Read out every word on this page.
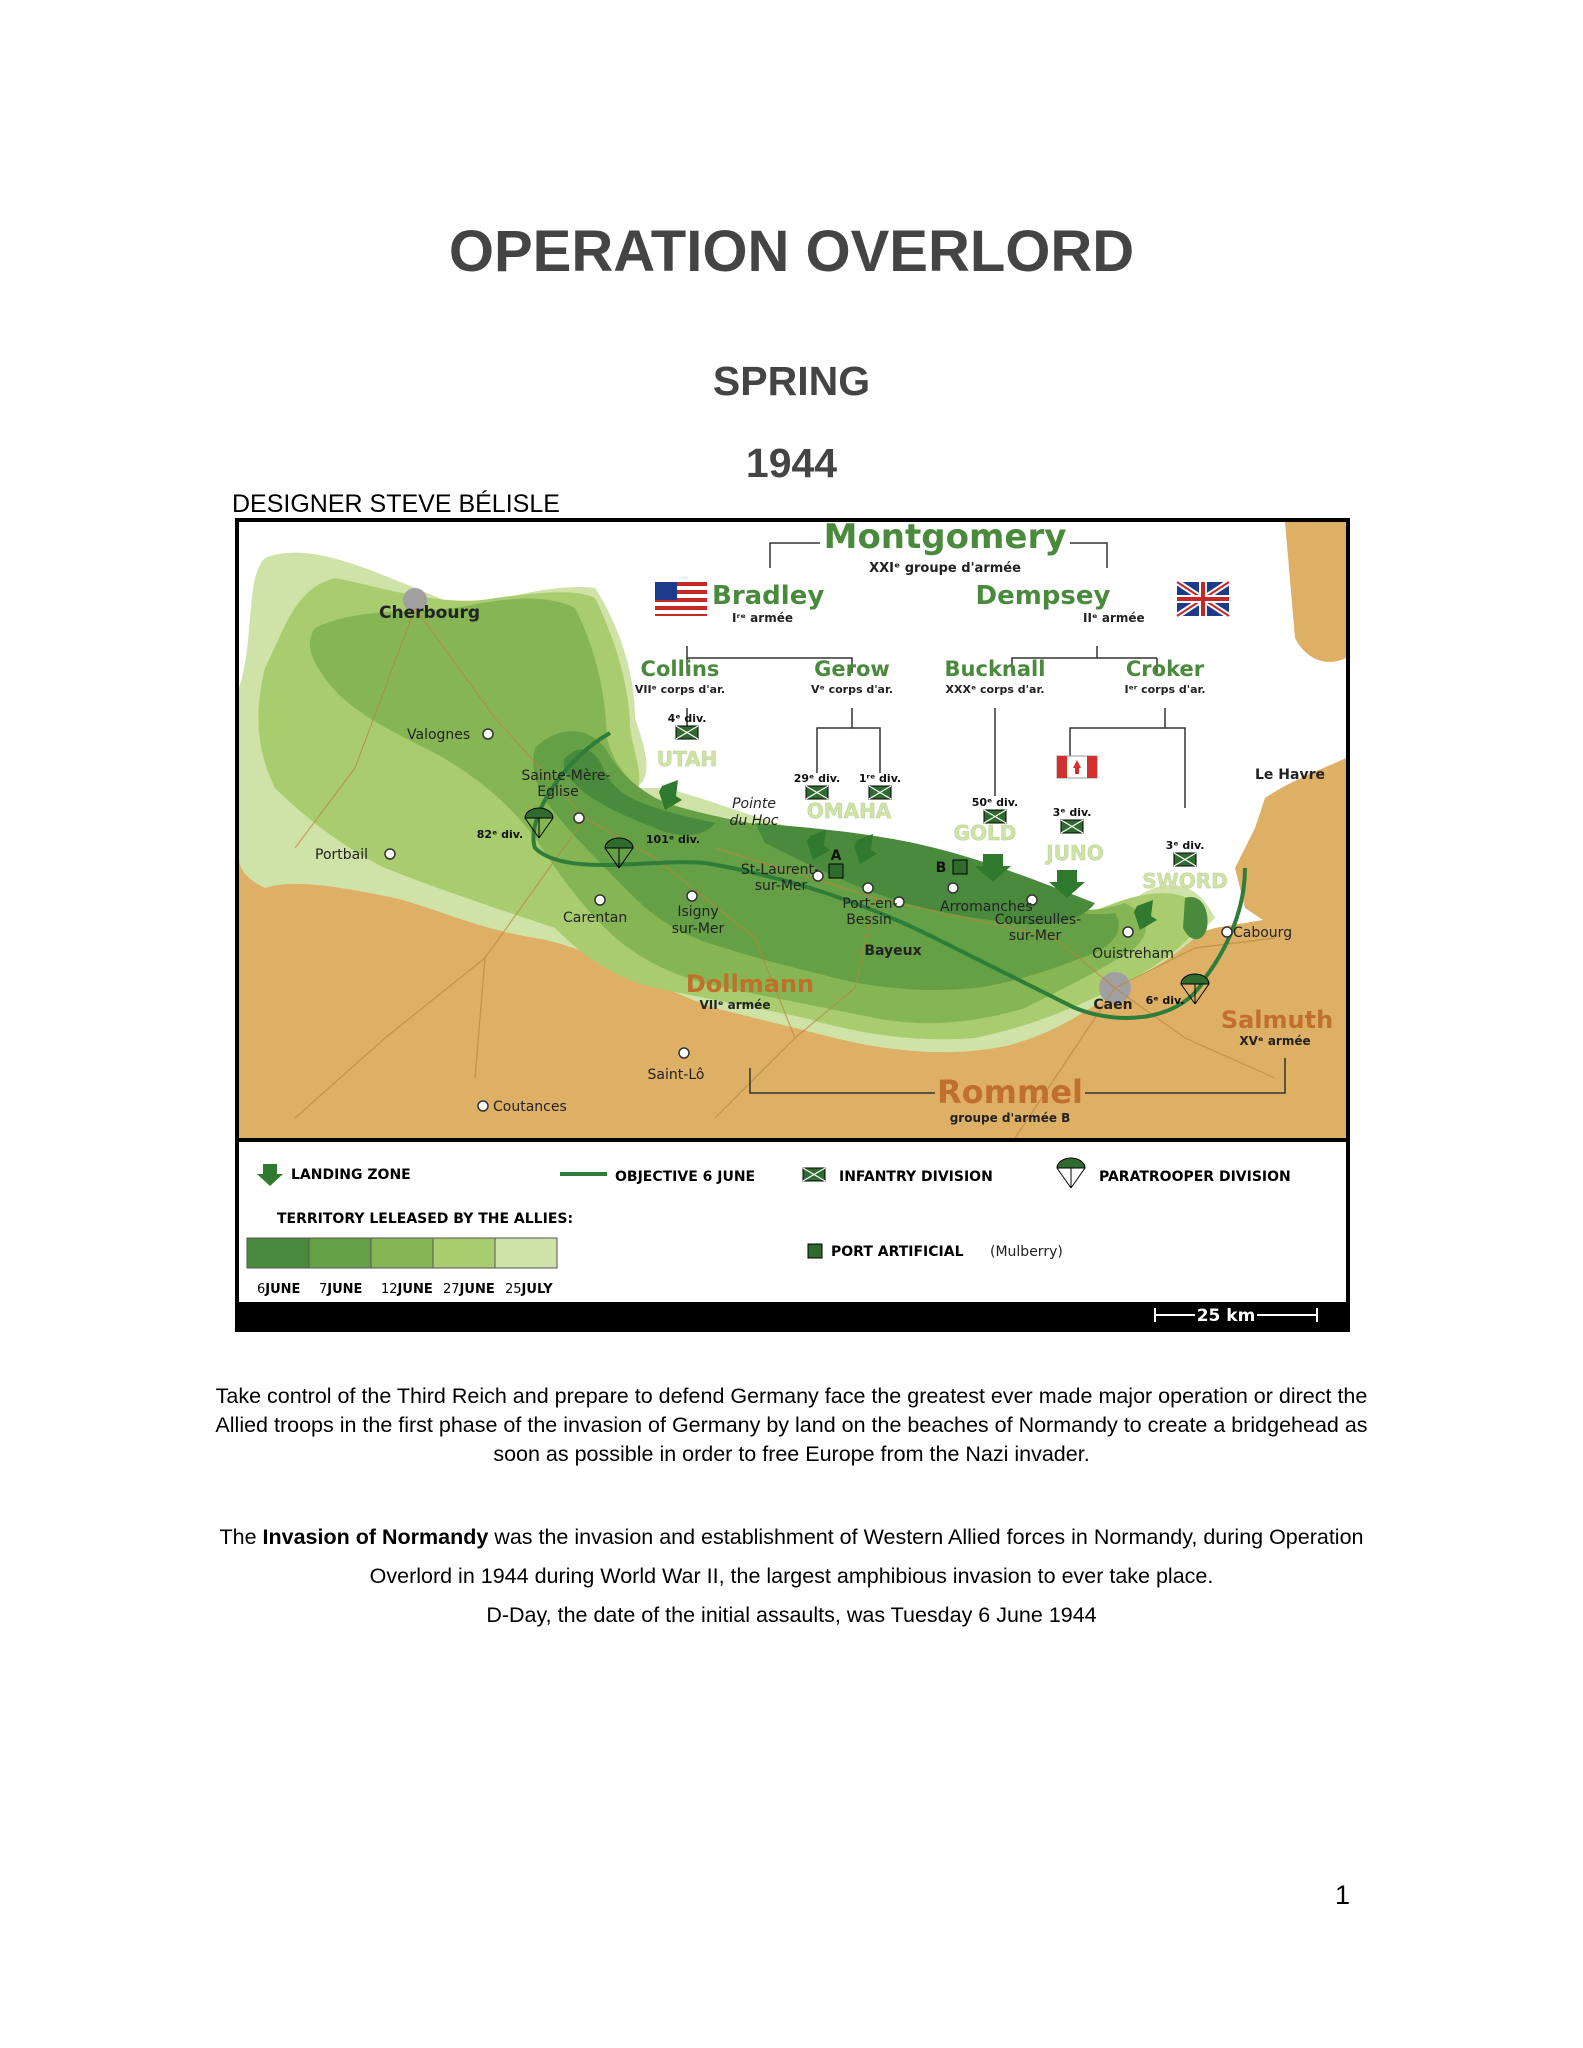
OPERATION OVERLORD
SPRING
1944
DESIGNER STEVE BÉLISLE
Montgomery
XXIᵉ groupe d'armée
Bradley
Iʳᵉ armée
Dempsey
IIᵉ armée
Collins
VIIᵉ corps d'ar.
Gerow
Vᵉ corps d'ar.
Bucknall
XXXᵉ corps d'ar.
Croker
Iᵉʳ corps d'ar.
Dollmann
VIIᵉ armée
Rommel
groupe d'armée B
Salmuth
XVᵉ armée
4ᵉ div.
29ᵉ div. 1ʳᵉ div.
50ᵉ div.
3ᵉ div.
3ᵉ div.
82ᵉ div.	101ᵉ div.
6ᵉ div.
A
B
UTAH
OMAHA
GOLD
JUNO
SWORD
Cherbourg
Valognes
Sainte-Mère-
Eglise
Portbail
Carentan	Isigny
sur-Mer
Pointe
du Hoc
St-Laurent-
sur-Mer
Port-en-
Bessin
Arromanches
Courseulles-
sur-Mer
Bayeux	Ouistreham
Cabourg
Caen
Le Havre
Saint-Lô
Coutances
LANDING ZONE	OBJECTIVE 6 JUNE	INFANTRY DIVISION	PARATROOPER DIVISION
TERRITORY LELEASED BY THE ALLIES:
6JUNE 7JUNE 12JUNE 27JUNE 25JULY
PORT ARTIFICIAL (Mulberry)
25 km
Take control of the Third Reich and prepare to defend Germany face the greatest ever made major operation or direct the Allied troops in the first phase of the invasion of Germany by land on the beaches of Normandy to create a bridgehead as soon as possible in order to free Europe from the Nazi invader.
The Invasion of Normandy was the invasion and establishment of Western Allied forces in Normandy, during Operation Overlord in 1944 during World War II, the largest amphibious invasion to ever take place.
D-Day, the date of the initial assaults, was Tuesday 6 June 1944
1
